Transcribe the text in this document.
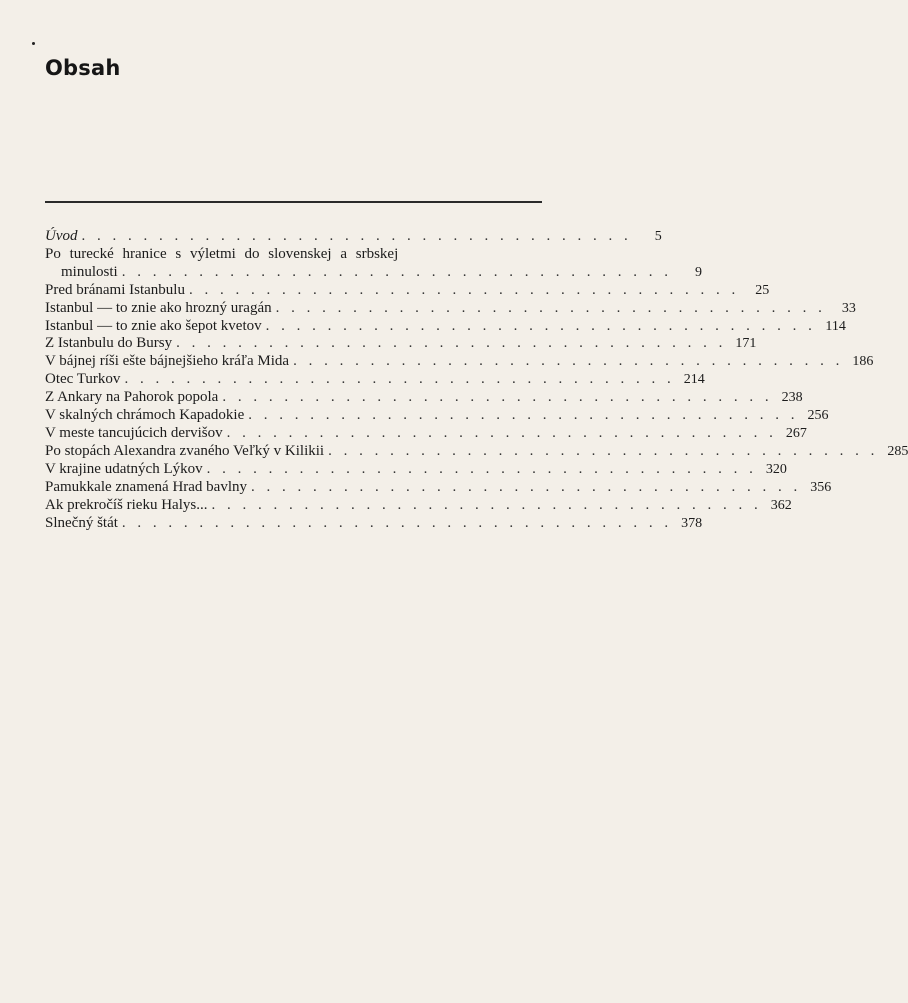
Obsah
Úvod . . . . . . . . . . . . . . . . . . . . . . . . . . . . . . . . . . . .	5
Po turecké hranice s výletmi do slovenskej a srbskej
minulosti . . . . . . . . . . . . . . . . . . . . . . . . . . . . . . . . . . . .	9
Pred bránami Istanbulu . . . . . . . . . . . . . . . . . . . . . . . . . . . . . . . . . . . .	25
Istanbul — to znie ako hrozný uragán . . . . . . . . . . . . . . . . . . . . . . . . . . . . . . . . . . . .	33
Istanbul — to znie ako šepot kvetov . . . . . . . . . . . . . . . . . . . . . . . . . . . . . . . . . . . . 114
Z Istanbulu do Bursy . . . . . . . . . . . . . . . . . . . . . . . . . . . . . . . . . . . . 171
V bájnej ríši ešte bájnejšieho kráľa Mida . . . . . . . . . . . . . . . . . . . . . . . . . . . . . . . . . . . . 186
Otec Turkov . . . . . . . . . . . . . . . . . . . . . . . . . . . . . . . . . . . . 214
Z Ankary na Pahorok popola . . . . . . . . . . . . . . . . . . . . . . . . . . . . . . . . . . . . 238
V skalných chrámoch Kapadokie . . . . . . . . . . . . . . . . . . . . . . . . . . . . . . . . . . . . 256
V meste tancujúcich dervišov . . . . . . . . . . . . . . . . . . . . . . . . . . . . . . . . . . . . 267
Po stopách Alexandra zvaného Veľký v Kilikii . . . . . . . . . . . . . . . . . . . . . . . . . . . . . . . . . . . . 285
V krajine udatných Lýkov . . . . . . . . . . . . . . . . . . . . . . . . . . . . . . . . . . . . 320
Pamukkale znamená Hrad bavlny . . . . . . . . . . . . . . . . . . . . . . . . . . . . . . . . . . . . 356
Ak prekročíš rieku Halys... . . . . . . . . . . . . . . . . . . . . . . . . . . . . . . . . . . . . 362
Slnečný štát . . . . . . . . . . . . . . . . . . . . . . . . . . . . . . . . . . . . 378
